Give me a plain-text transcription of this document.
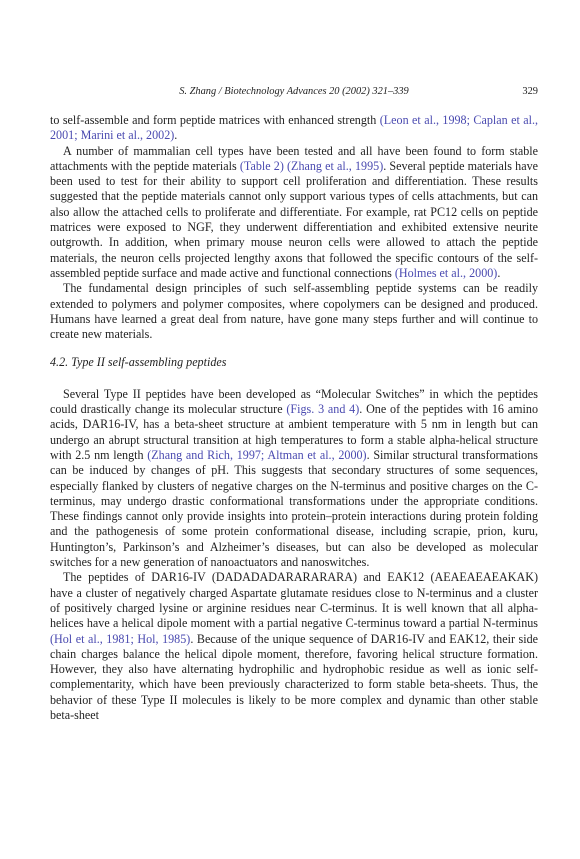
S. Zhang / Biotechnology Advances 20 (2002) 321–339	329

to self-assemble and form peptide matrices with enhanced strength (Leon et al., 1998; Caplan et al., 2001; Marini et al., 2002).

A number of mammalian cell types have been tested and all have been found to form stable attachments with the peptide materials (Table 2) (Zhang et al., 1995). Several peptide materials have been used to test for their ability to support cell proliferation and differentiation. These results suggested that the peptide materials cannot only support various types of cells attachments, but can also allow the attached cells to proliferate and differentiate. For example, rat PC12 cells on peptide matrices were exposed to NGF, they underwent differentiation and exhibited extensive neurite outgrowth. In addition, when primary mouse neuron cells were allowed to attach the peptide materials, the neuron cells projected lengthy axons that followed the specific contours of the self-assembled peptide surface and made active and functional connections (Holmes et al., 2000).

The fundamental design principles of such self-assembling peptide systems can be readily extended to polymers and polymer composites, where copolymers can be designed and produced. Humans have learned a great deal from nature, have gone many steps further and will continue to create new materials.

4.2. Type II self-assembling peptides

Several Type II peptides have been developed as “Molecular Switches” in which the peptides could drastically change its molecular structure (Figs. 3 and 4). One of the peptides with 16 amino acids, DAR16-IV, has a beta-sheet structure at ambient temperature with 5 nm in length but can undergo an abrupt structural transition at high temperatures to form a stable alpha-helical structure with 2.5 nm length (Zhang and Rich, 1997; Altman et al., 2000). Similar structural transformations can be induced by changes of pH. This suggests that secondary structures of some sequences, especially flanked by clusters of negative charges on the N-terminus and positive charges on the C-terminus, may undergo drastic conformational transformations under the appropriate conditions. These findings cannot only provide insights into protein–protein interactions during protein folding and the pathogenesis of some protein conformational disease, including scrapie, prion, kuru, Huntington’s, Parkinson’s and Alzheimer’s diseases, but can also be developed as molecular switches for a new generation of nanoactuators and nanoswitches.

The peptides of DAR16-IV (DADADADARARARARA) and EAK12 (AEAEAEAEAKAK) have a cluster of negatively charged Aspartate glutamate residues close to N-terminus and a cluster of positively charged lysine or arginine residues near C-terminus. It is well known that all alpha-helices have a helical dipole moment with a partial negative C-terminus toward a partial N-terminus (Hol et al., 1981; Hol, 1985). Because of the unique sequence of DAR16-IV and EAK12, their side chain charges balance the helical dipole moment, therefore, favoring helical structure formation. However, they also have alternating hydrophilic and hydrophobic residue as well as ionic self-complementarity, which have been previously characterized to form stable beta-sheets. Thus, the behavior of these Type II molecules is likely to be more complex and dynamic than other stable beta-sheet
